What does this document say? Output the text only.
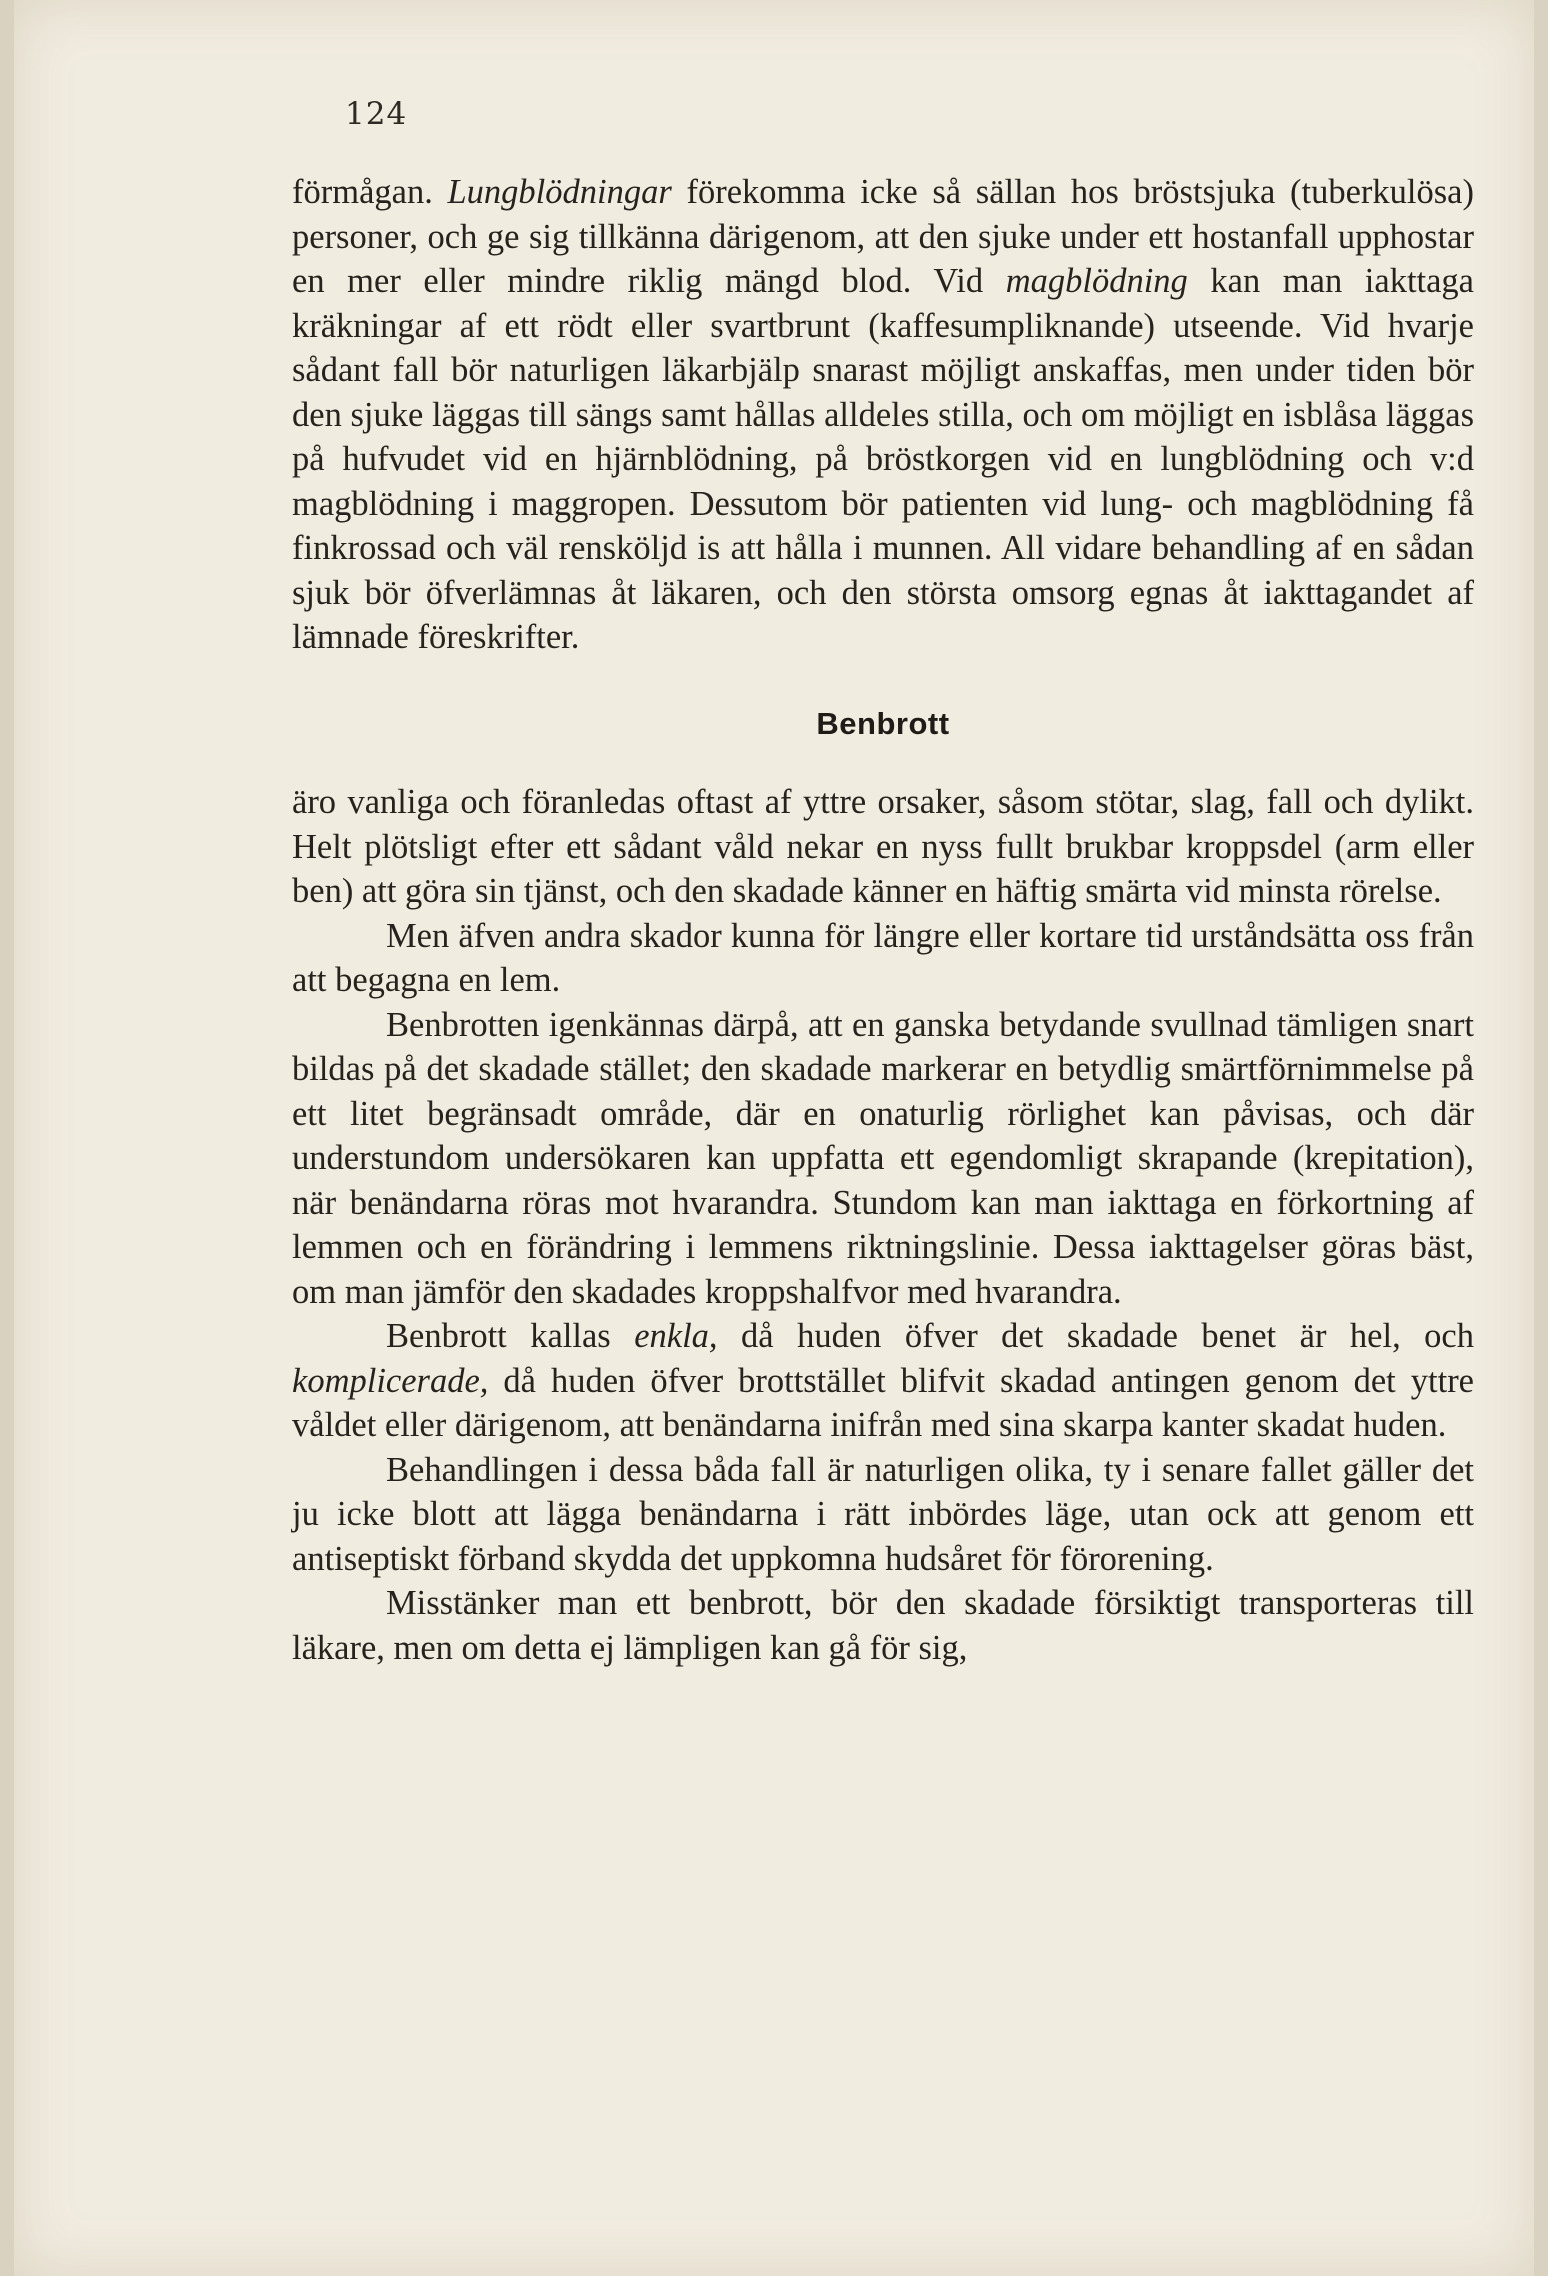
124

förmågan. Lungblödningar förekomma icke så sällan hos bröstsjuka (tuberkulösa) personer, och ge sig tillkänna därigenom, att den sjuke under ett hostanfall upphostar en mer eller mindre riklig mängd blod. Vid magblödning kan man iakttaga kräkningar af ett rödt eller svartbrunt (kaffesumpliknande) utseende. Vid hvarje sådant fall bör naturligen läkarbjälp snarast möjligt anskaffas, men under tiden bör den sjuke läggas till sängs samt hållas alldeles stilla, och om möjligt en isblåsa läggas på hufvudet vid en hjärnblödning, på bröstkorgen vid en lungblödning och v:d magblödning i maggropen. Dessutom bör patienten vid lung- och magblödning få finkrossad och väl rensköljd is att hålla i munnen. All vidare behandling af en sådan sjuk bör öfverlämnas åt läkaren, och den största omsorg egnas åt iakttagandet af lämnade föreskrifter.

Benbrott

äro vanliga och föranledas oftast af yttre orsaker, såsom stötar, slag, fall och dylikt. Helt plötsligt efter ett sådant våld nekar en nyss fullt brukbar kroppsdel (arm eller ben) att göra sin tjänst, och den skadade känner en häftig smärta vid minsta rörelse.

Men äfven andra skador kunna för längre eller kortare tid urståndsätta oss från att begagna en lem.

Benbrotten igenkännas därpå, att en ganska betydande svullnad tämligen snart bildas på det skadade stället; den skadade markerar en betydlig smärtförnimmelse på ett litet begränsadt område, där en onaturlig rörlighet kan påvisas, och där understundom undersökaren kan uppfatta ett egendomligt skrapande (krepitation), när benändarna röras mot hvarandra. Stundom kan man iakttaga en förkortning af lemmen och en förändring i lemmens riktningslinie. Dessa iakttagelser göras bäst, om man jämför den skadades kroppshalfvor med hvarandra.

Benbrott kallas enkla, då huden öfver det skadade benet är hel, och komplicerade, då huden öfver brottstället blifvit skadad antingen genom det yttre våldet eller därigenom, att benändarna inifrån med sina skarpa kanter skadat huden.

Behandlingen i dessa båda fall är naturligen olika, ty i senare fallet gäller det ju icke blott att lägga benändarna i rätt inbördes läge, utan ock att genom ett antiseptiskt förband skydda det uppkomna hudsåret för förorening.

Misstänker man ett benbrott, bör den skadade försiktigt transporteras till läkare, men om detta ej lämpligen kan gå för sig,
